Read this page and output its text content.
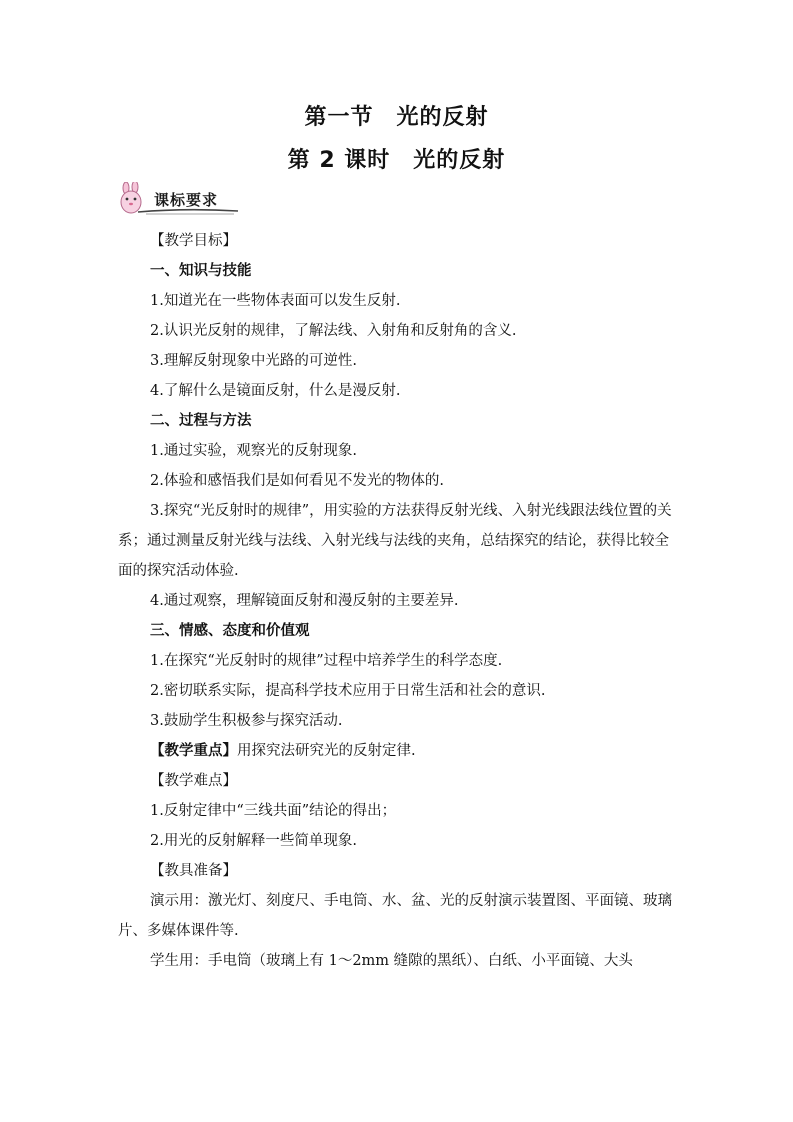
第一节　光的反射
第 2 课时　光的反射
课标要求

【教学目标】

一、知识与技能

1.知道光在一些物体表面可以发生反射.

2.认识光反射的规律，了解法线、入射角和反射角的含义.

3.理解反射现象中光路的可逆性.

4.了解什么是镜面反射，什么是漫反射.

二、过程与方法

1.通过实验，观察光的反射现象.

2.体验和感悟我们是如何看见不发光的物体的.

3.探究“光反射时的规律”，用实验的方法获得反射光线、入射光线跟法线位置的关系；通过测量反射光线与法线、入射光线与法线的夹角，总结探究的结论，获得比较全面的探究活动体验.

4.通过观察，理解镜面反射和漫反射的主要差异.

三、情感、态度和价值观

1.在探究“光反射时的规律”过程中培养学生的科学态度.

2.密切联系实际，提高科学技术应用于日常生活和社会的意识.

3.鼓励学生积极参与探究活动.

【教学重点】用探究法研究光的反射定律.

【教学难点】

1.反射定律中“三线共面”结论的得出；

2.用光的反射解释一些简单现象.

【教具准备】

演示用：激光灯、刻度尺、手电筒、水、盆、光的反射演示装置图、平面镜、玻璃片、多媒体课件等.

学生用：手电筒（玻璃上有 1～2mm 缝隙的黑纸）、白纸、小平面镜、大头
